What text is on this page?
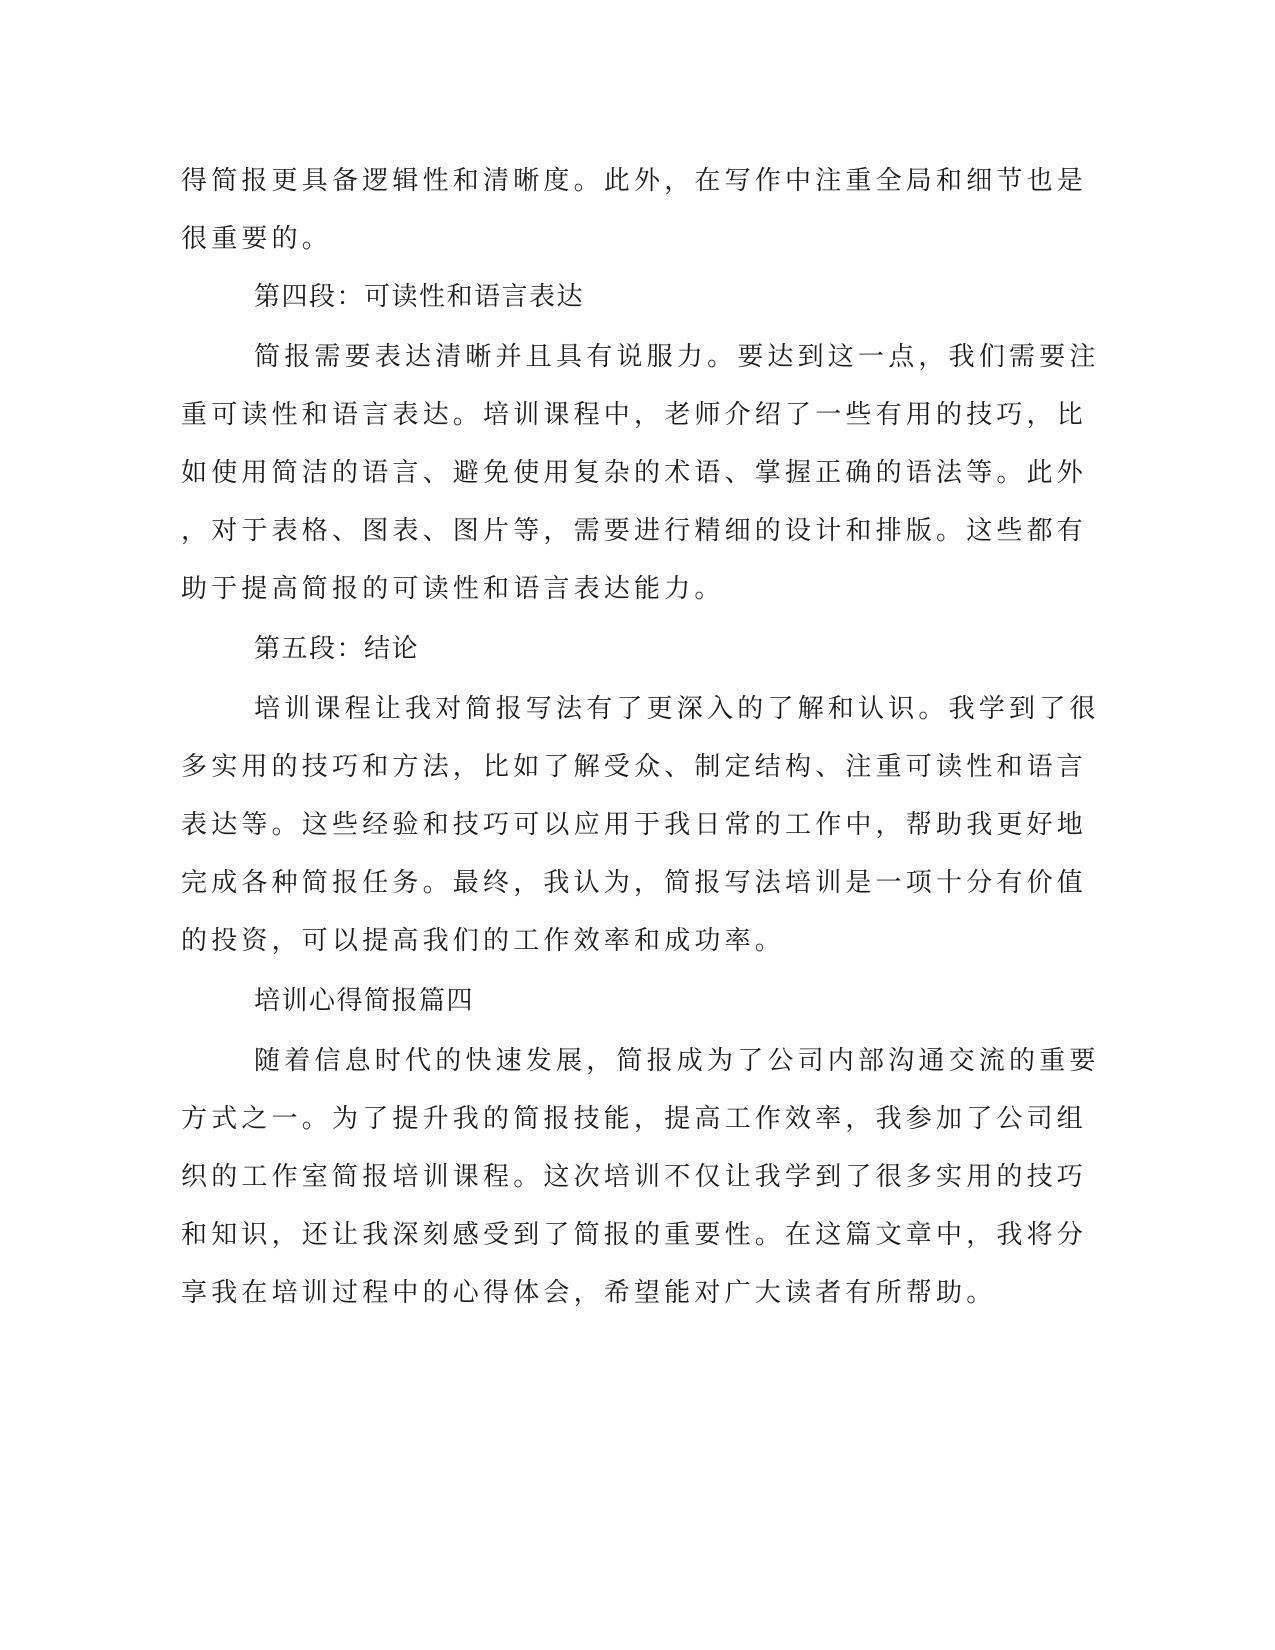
得简报更具备逻辑性和清晰度。此外，在写作中注重全局和细节也是
很重要的。
第四段：可读性和语言表达
简报需要表达清晰并且具有说服力。要达到这一点，我们需要注
重可读性和语言表达。培训课程中，老师介绍了一些有用的技巧，比
如使用简洁的语言、避免使用复杂的术语、掌握正确的语法等。此外
，对于表格、图表、图片等，需要进行精细的设计和排版。这些都有
助于提高简报的可读性和语言表达能力。
第五段：结论
培训课程让我对简报写法有了更深入的了解和认识。我学到了很
多实用的技巧和方法，比如了解受众、制定结构、注重可读性和语言
表达等。这些经验和技巧可以应用于我日常的工作中，帮助我更好地
完成各种简报任务。最终，我认为，简报写法培训是一项十分有价值
的投资，可以提高我们的工作效率和成功率。
培训心得简报篇四
随着信息时代的快速发展，简报成为了公司内部沟通交流的重要
方式之一。为了提升我的简报技能，提高工作效率，我参加了公司组
织的工作室简报培训课程。这次培训不仅让我学到了很多实用的技巧
和知识，还让我深刻感受到了简报的重要性。在这篇文章中，我将分
享我在培训过程中的心得体会，希望能对广大读者有所帮助。
